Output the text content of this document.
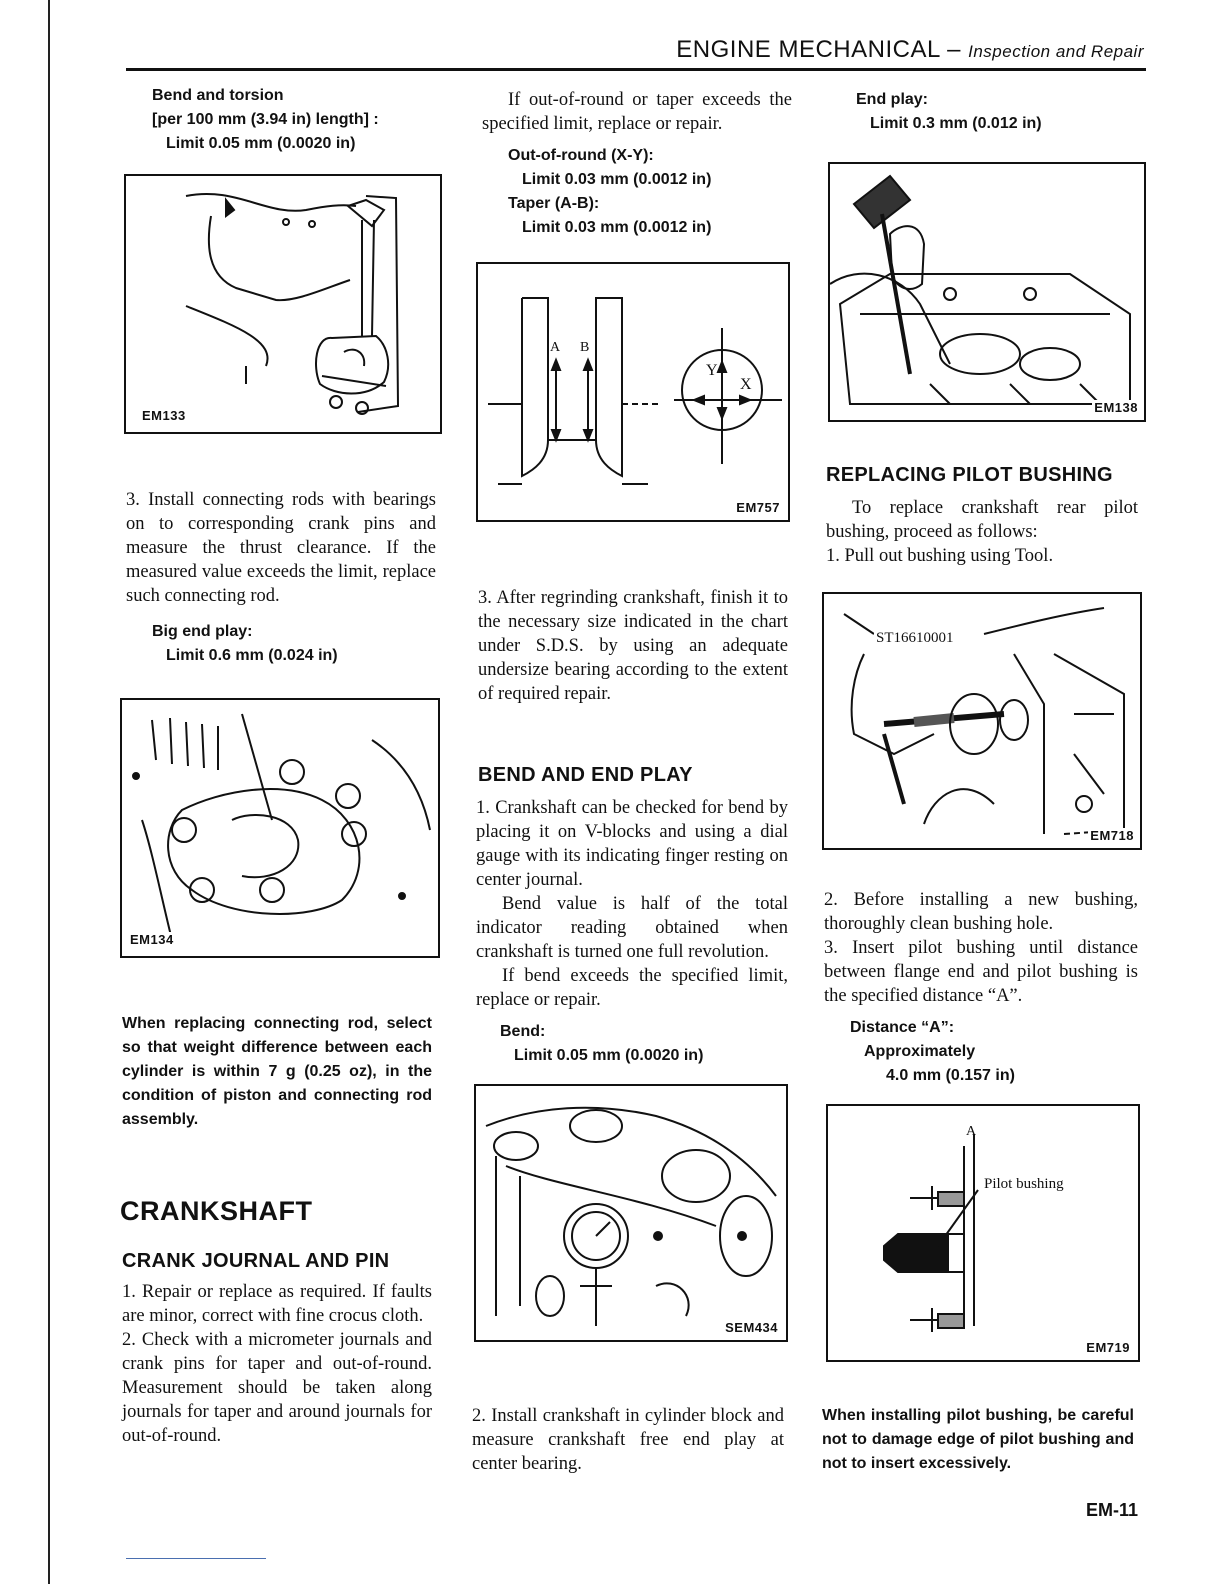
ENGINE MECHANICAL – Inspection and Repair
Bend and torsion
[per 100 mm (3.94 in) length] :
Limit 0.05 mm (0.0020 in)
EM133

3. Install connecting rods with bearings on to corresponding crank pins and measure the thrust clearance. If the measured value exceeds the limit, replace such connecting rod.

Big end play:
Limit 0.6 mm (0.024 in)
EM134
When replacing connecting rod, select so that weight difference between each cylinder is within 7 g (0.25 oz), in the condition of piston and connecting rod assembly.
CRANKSHAFT
CRANK JOURNAL AND PIN

1. Repair or replace as required. If faults are minor, correct with fine crocus cloth.

2. Check with a micrometer journals and crank pins for taper and out-of-round. Measurement should be taken along journals for taper and around journals for out-of-round.

If out-of-round or taper exceeds the specified limit, replace or repair.

Out-of-round (X-Y):
Limit 0.03 mm (0.0012 in)
Taper (A-B):
Limit 0.03 mm (0.0012 in)
A B
Y
X
EM757

3. After regrinding crankshaft, finish it to the necessary size indicated in the chart under S.D.S. by using an adequate undersize bearing according to the extent of required repair.

BEND AND END PLAY

1. Crankshaft can be checked for bend by placing it on V-blocks and using a dial gauge with its indicating finger resting on center journal.

Bend value is half of the total indicator reading obtained when crankshaft is turned one full revolution.

If bend exceeds the specified limit, replace or repair.

Bend:
Limit 0.05 mm (0.0020 in)
SEM434

2. Install crankshaft in cylinder block and measure crankshaft free end play at center bearing.

End play:
Limit 0.3 mm (0.012 in)
EM138
REPLACING PILOT BUSHING

To replace crankshaft rear pilot bushing, proceed as follows:

1. Pull out bushing using Tool.

ST16610001
EM718

2. Before installing a new bushing, thoroughly clean bushing hole.

3. Insert pilot bushing until distance between flange end and pilot bushing is the specified distance “A”.

Distance “A”:
Approximately
4.0 mm (0.157 in)
A
Pilot bushing
EM719
When installing pilot bushing, be careful not to damage edge of pilot bushing and not to insert excessively.
EM-11
